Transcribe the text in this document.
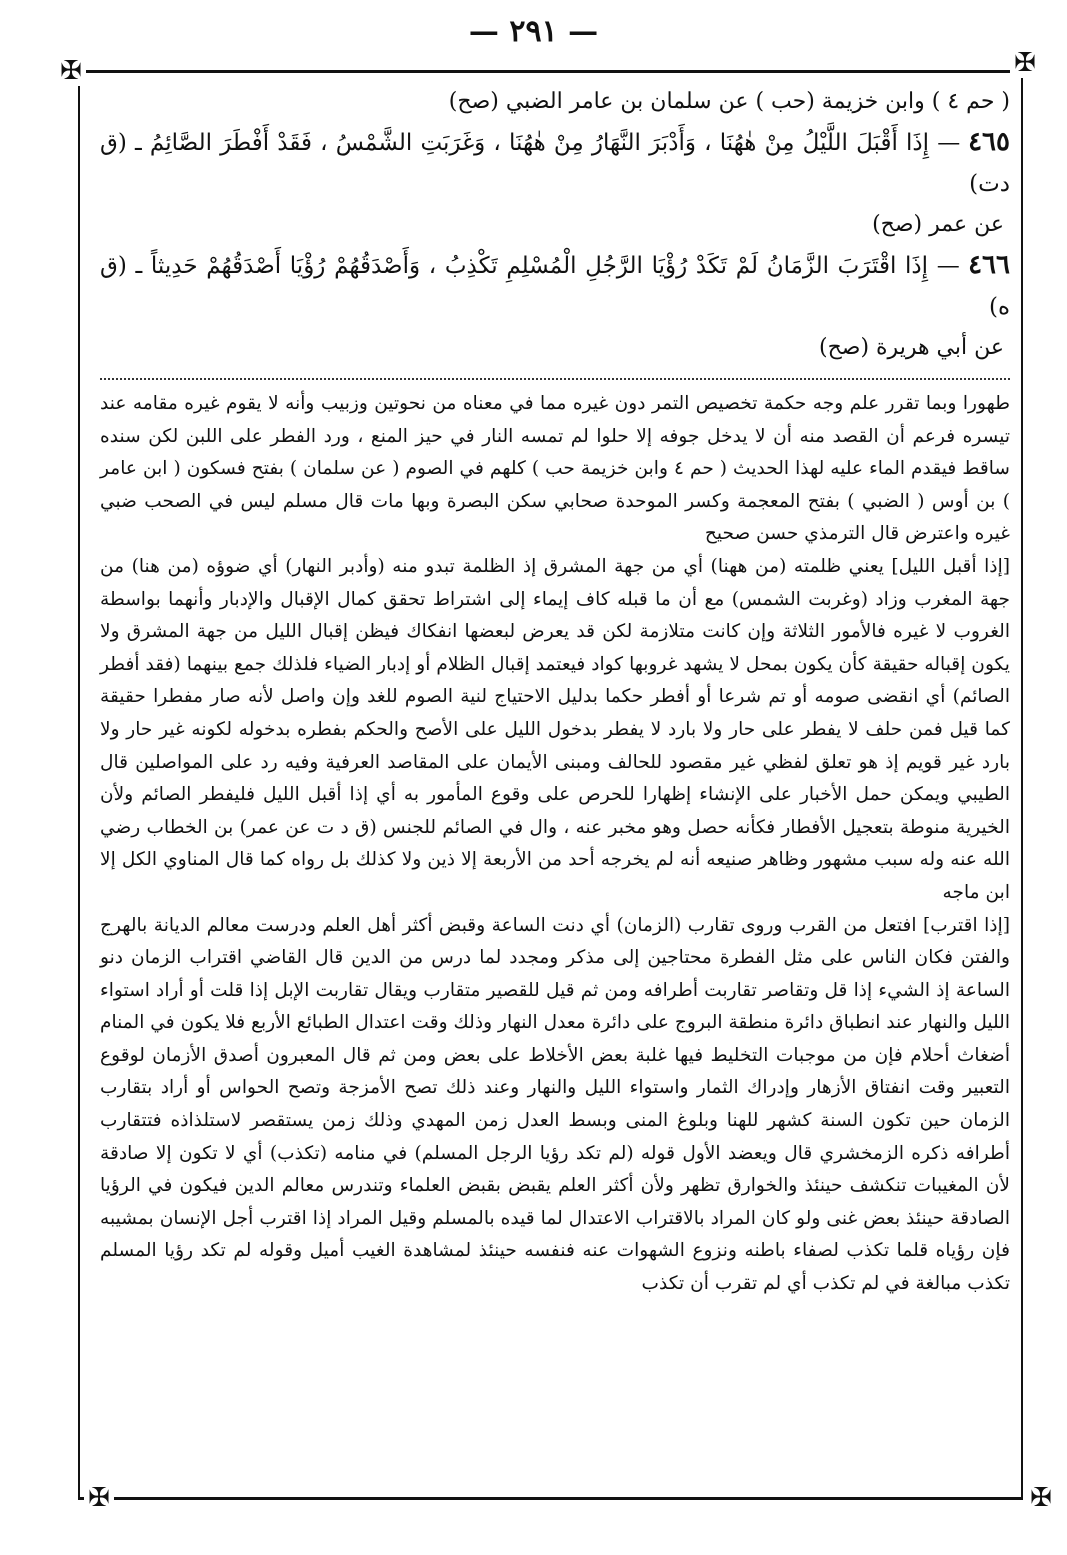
— ٢٩١ —
✠	✠
✠	✠
( حم ٤ ) وابن خزيمة (حب ) عن سلمان بن عامر الضبي (صح)
٤٦٥ — إِذَا أَقْبَلَ اللَّيْلُ مِنْ هٰهُنَا ، وَأَدْبَرَ النَّهَارُ مِنْ هٰهُنَا ، وَغَرَبَتِ الشَّمْسُ ، فَقَدْ أَفْطَرَ الصَّائِمُ ـ (ق دت)
عن عمر (صح)
٤٦٦ — إِذَا اقْتَرَبَ الزَّمَانُ لَمْ تَكَدْ رُؤْيَا الرَّجُلِ الْمُسْلِمِ تَكْذِبُ ، وَأَصْدَقُهُمْ رُؤْيَا أَصْدَقُهُمْ حَدِيثاً ـ (ق ه)
عن أبي هريرة (صح)

طهورا وبما تقرر علم وجه حكمة تخصيص التمر دون غيره مما في معناه من نحوتين وزبيب وأنه لا يقوم غيره مقامه عند تيسره فرعم أن القصد منه أن لا يدخل جوفه إلا حلوا لم تمسه النار في حيز المنع ، ورد الفطر على اللبن لكن سنده ساقط فيقدم الماء عليه لهذا الحديث ( حم ٤ وابن خزيمة حب ) كلهم في الصوم ( عن سلمان ) بفتح فسكون ( ابن عامر ) بن أوس ( الضبي ) بفتح المعجمة وكسر الموحدة صحابي سكن البصرة وبها مات قال مسلم ليس في الصحب ضبي غيره واعترض قال الترمذي حسن صحيح

[إذا أقبل الليل] يعني ظلمته (من ههنا) أي من جهة المشرق إذ الظلمة تبدو منه (وأدبر النهار) أي ضوؤه (من هنا) من جهة المغرب وزاد (وغربت الشمس) مع أن ما قبله كاف إيماء إلى اشتراط تحقق كمال الإقبال والإدبار وأنهما بواسطة الغروب لا غيره فالأمور الثلاثة وإن كانت متلازمة لكن قد يعرض لبعضها انفكاك فيظن إقبال الليل من جهة المشرق ولا يكون إقباله حقيقة كأن يكون بمحل لا يشهد غروبها كواد فيعتمد إقبال الظلام أو إدبار الضياء فلذلك جمع بينهما (فقد أفطر الصائم) أي انقضى صومه أو تم شرعا أو أفطر حكما بدليل الاحتياج لنية الصوم للغد وإن واصل لأنه صار مفطرا حقيقة كما قيل فمن حلف لا يفطر على حار ولا بارد لا يفطر بدخول الليل على الأصح والحكم بفطره بدخوله لكونه غير حار ولا بارد غير قويم إذ هو تعلق لفظي غير مقصود للحالف ومبنى الأيمان على المقاصد العرفية وفيه رد على المواصلين قال الطيبي ويمكن حمل الأخبار على الإنشاء إظهارا للحرص على وقوع المأمور به أي إذا أقبل الليل فليفطر الصائم ولأن الخيرية منوطة بتعجيل الأفطار فكأنه حصل وهو مخبر عنه ، وال في الصائم للجنس (ق د ت عن عمر) بن الخطاب رضي الله عنه وله سبب مشهور وظاهر صنيعه أنه لم يخرجه أحد من الأربعة إلا ذين ولا كذلك بل رواه كما قال المناوي الكل إلا ابن ماجه

[إذا اقترب] افتعل من القرب وروى تقارب (الزمان) أي دنت الساعة وقبض أكثر أهل العلم ودرست معالم الديانة بالهرج والفتن فكان الناس على مثل الفطرة محتاجين إلى مذكر ومجدد لما درس من الدين قال القاضي اقتراب الزمان دنو الساعة إذ الشيء إذا قل وتقاصر تقاربت أطرافه ومن ثم قيل للقصير متقارب ويقال تقاربت الإبل إذا قلت أو أراد استواء الليل والنهار عند انطباق دائرة منطقة البروج على دائرة معدل النهار وذلك وقت اعتدال الطبائع الأربع فلا يكون في المنام أضغاث أحلام فإن من موجبات التخليط فيها غلبة بعض الأخلاط على بعض ومن ثم قال المعبرون أصدق الأزمان لوقوع التعبير وقت انفتاق الأزهار وإدراك الثمار واستواء الليل والنهار وعند ذلك تصح الأمزجة وتصح الحواس أو أراد بتقارب الزمان حين تكون السنة كشهر للهنا وبلوغ المنى وبسط العدل زمن المهدي وذلك زمن يستقصر لاستلذاذه فتتقارب أطرافه ذكره الزمخشري قال ويعضد الأول قوله (لم تكد رؤيا الرجل المسلم) في منامه (تكذب) أي لا تكون إلا صادقة لأن المغيبات تنكشف حينئذ والخوارق تظهر ولأن أكثر العلم يقبض بقبض العلماء وتندرس معالم الدين فيكون في الرؤيا الصادقة حينئذ بعض غنى ولو كان المراد بالاقتراب الاعتدال لما قيده بالمسلم وقيل المراد إذا اقترب أجل الإنسان بمشيبه فإن رؤياه قلما تكذب لصفاء باطنه ونزوع الشهوات عنه فنفسه حينئذ لمشاهدة الغيب أميل وقوله لم تكد رؤيا المسلم تكذب مبالغة في لم تكذب أي لم تقرب أن تكذب
